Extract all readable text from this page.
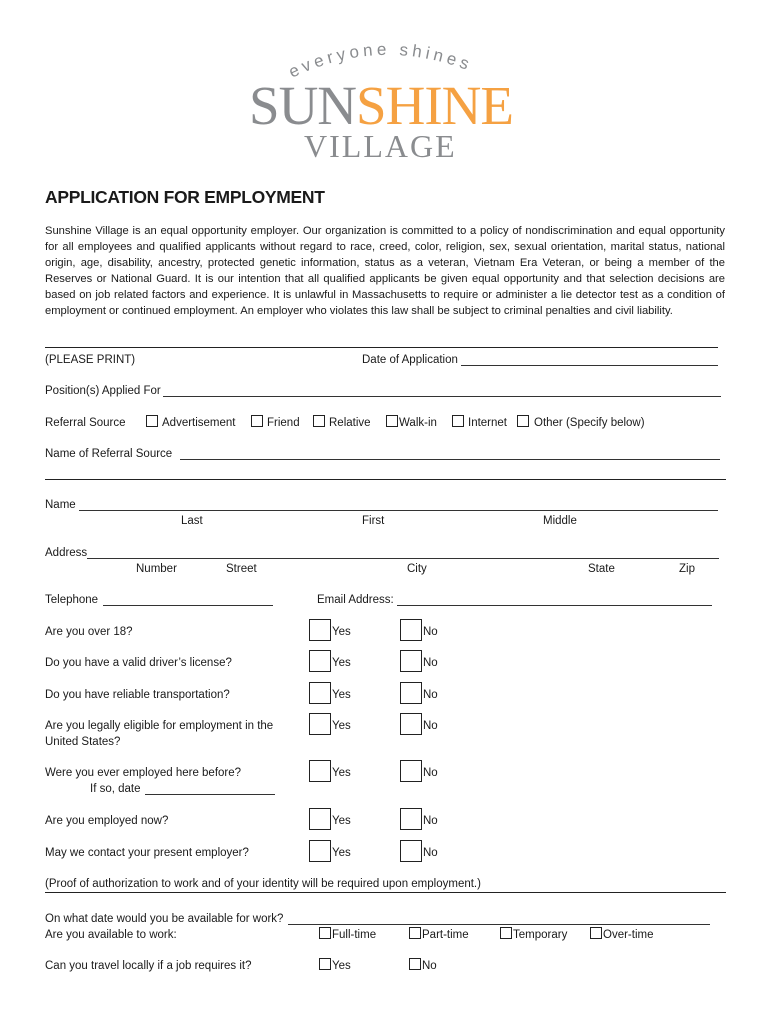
everyone shines
SUNSHINE
VILLAGE
APPLICATION FOR EMPLOYMENT
Sunshine Village is an equal opportunity employer. Our organization is committed to a policy of nondiscrimination and equal opportunity for all employees and qualified applicants without regard to race, creed, color, religion, sex, sexual orientation, marital status, national origin, age, disability, ancestry, protected genetic information, status as a veteran, Vietnam Era Veteran, or being a member of the Reserves or National Guard. It is our intention that all qualified applicants be given equal opportunity and that selection decisions are based on job related factors and experience. It is unlawful in Massachusetts to require or administer a lie detector test as a condition of employment or continued employment. An employer who violates this law shall be subject to criminal penalties and civil liability.
(PLEASE PRINT)	Date of Application
Position(s) Applied For
Referral Source	Advertisement	Friend	Relative Walk-in	Internet Other (Specify below)
Name of Referral Source
Name
Last	First	Middle
Address
Number	Street	City	State	Zip
Telephone	Email Address:
Are you over 18?	Yes	No
Do you have a valid driver’s license?	Yes	No
Do you have reliable transportation?	Yes	No
Are you legally eligible for employment in the
United States?
Yes	No
Were you ever employed here before?
If so, date
Yes	No
Are you employed now?	Yes	No
May we contact your present employer?	Yes	No
(Proof of authorization to work and of your identity will be required upon employment.)
On what date would you be available for work?
Are you available to work:	Full-time	Part-time	Temporary	Over-time
Can you travel locally if a job requires it?	Yes	No
